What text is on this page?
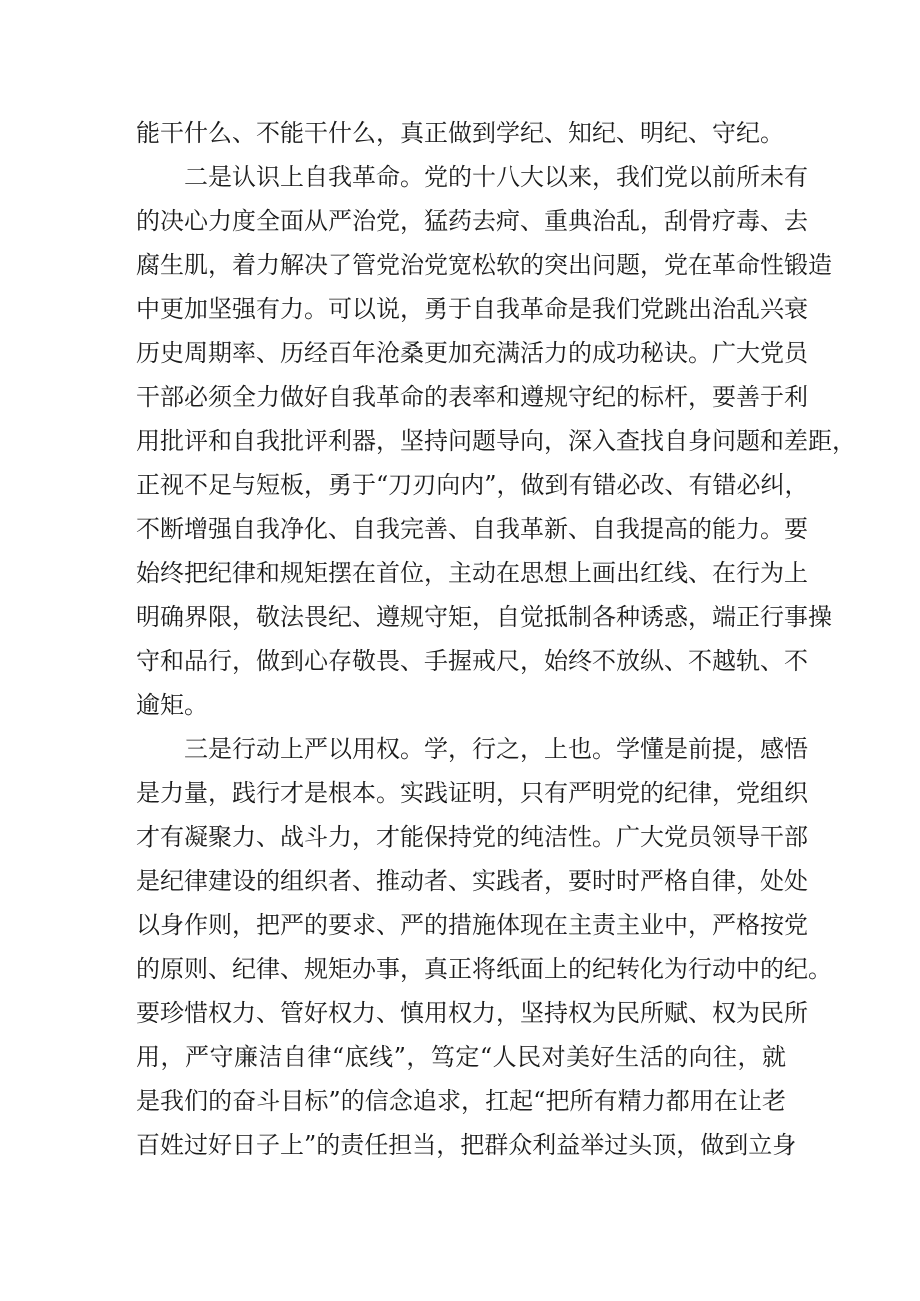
能干什么、不能干什么，真正做到学纪、知纪、明纪、守纪。
二是认识上自我革命。党的十八大以来，我们党以前所未有
的决心力度全面从严治党，猛药去疴、重典治乱，刮骨疗毒、去
腐生肌，着力解决了管党治党宽松软的突出问题，党在革命性锻造
中更加坚强有力。可以说，勇于自我革命是我们党跳出治乱兴衰
历史周期率、历经百年沧桑更加充满活力的成功秘诀。广大党员
干部必须全力做好自我革命的表率和遵规守纪的标杆，要善于利
用批评和自我批评利器，坚持问题导向，深入查找自身问题和差距，
正视不足与短板，勇于“刀刃向内”，做到有错必改、有错必纠，
不断增强自我净化、自我完善、自我革新、自我提高的能力。要
始终把纪律和规矩摆在首位，主动在思想上画出红线、在行为上
明确界限，敬法畏纪、遵规守矩，自觉抵制各种诱惑，端正行事操
守和品行，做到心存敬畏、手握戒尺，始终不放纵、不越轨、不
逾矩。
三是行动上严以用权。学，行之，上也。学懂是前提，感悟
是力量，践行才是根本。实践证明，只有严明党的纪律，党组织
才有凝聚力、战斗力，才能保持党的纯洁性。广大党员领导干部
是纪律建设的组织者、推动者、实践者，要时时严格自律，处处
以身作则，把严的要求、严的措施体现在主责主业中，严格按党
的原则、纪律、规矩办事，真正将纸面上的纪转化为行动中的纪。
要珍惜权力、管好权力、慎用权力，坚持权为民所赋、权为民所
用，严守廉洁自律“底线”，笃定“人民对美好生活的向往，就
是我们的奋斗目标”的信念追求，扛起“把所有精力都用在让老
百姓过好日子上”的责任担当，把群众利益举过头顶，做到立身
